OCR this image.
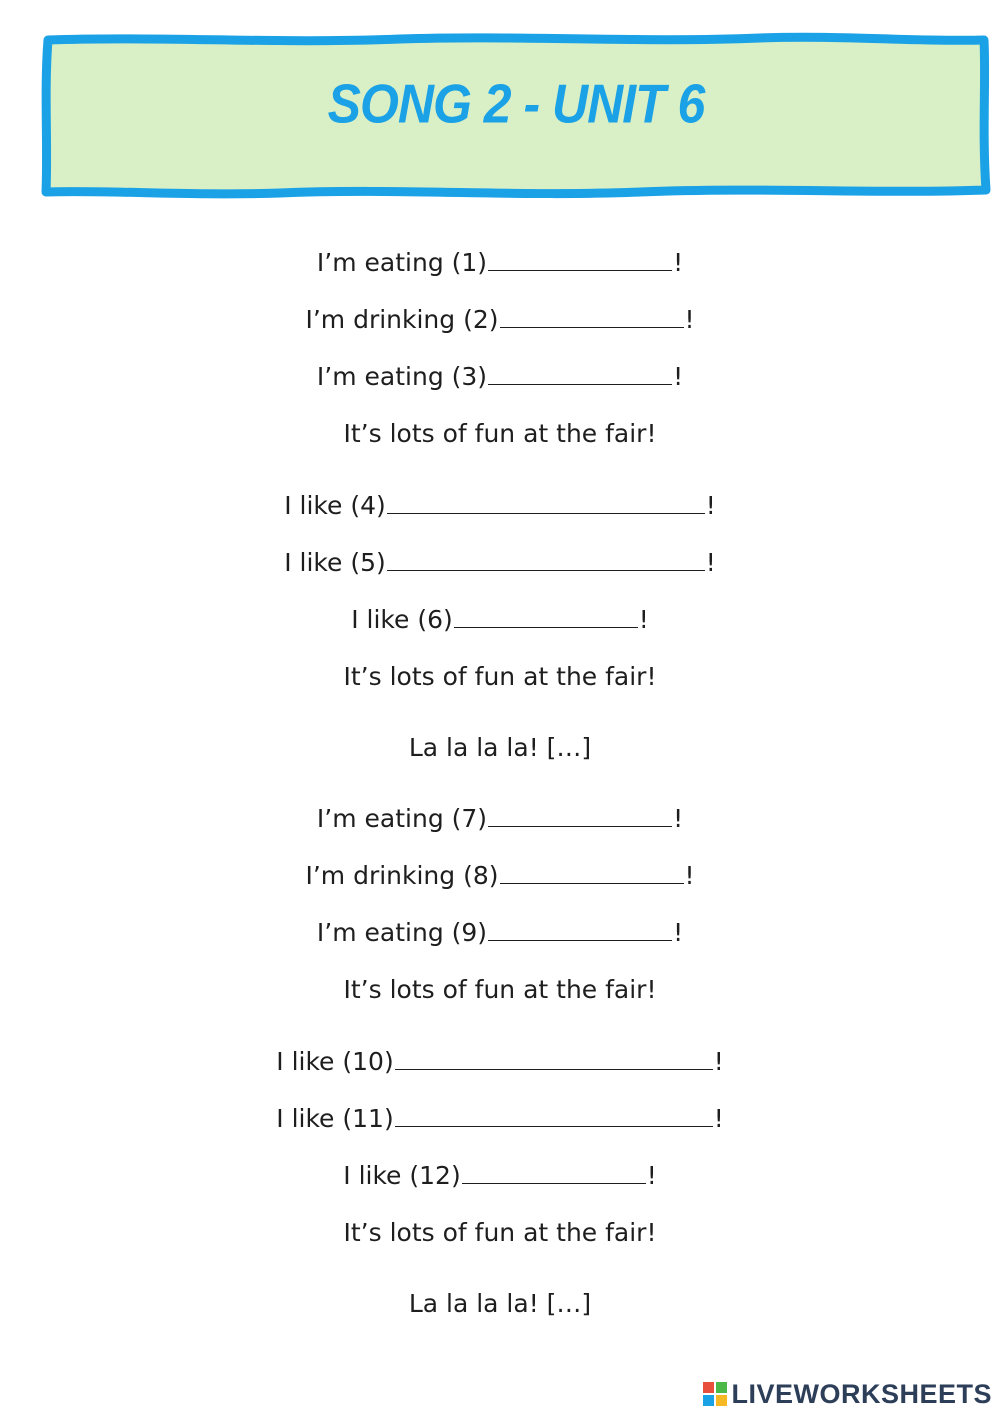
SONG 2 - UNIT 6
I’m eating (1)	!
I’m drinking (2)	!
I’m eating (3)	!
It’s lots of fun at the fair!
I like (4)	!
I like (5)	!
I like (6)	!
It’s lots of fun at the fair!
La la la la! […]
I’m eating (7)	!
I’m drinking (8)	!
I’m eating (9)	!
It’s lots of fun at the fair!
I like (10)	!
I like (11)	!
I like (12)	!
It’s lots of fun at the fair!
La la la la! […]
LIVEWORKSHEETS
